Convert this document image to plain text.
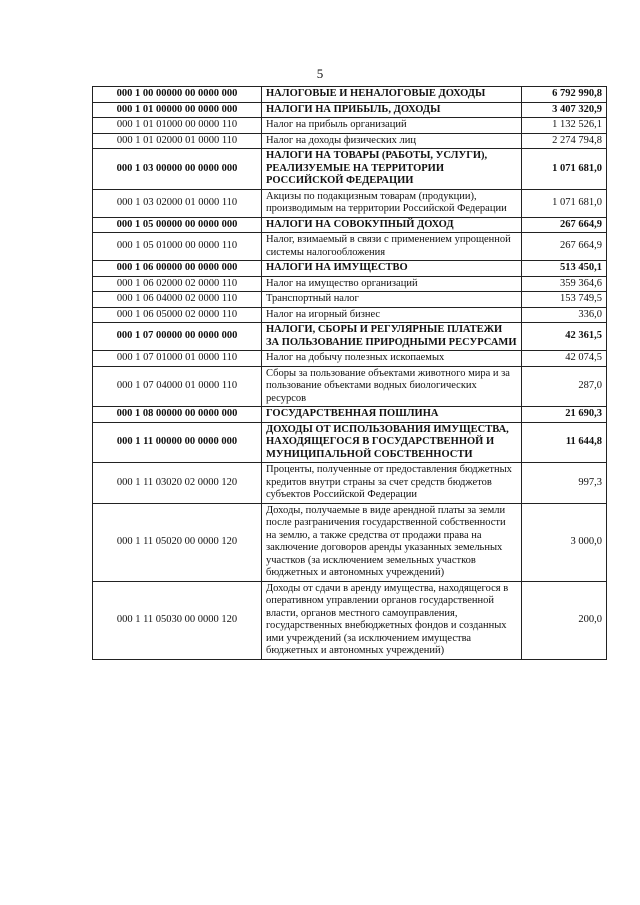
5
000 1 00 00000 00 0000 000	НАЛОГОВЫЕ И НЕНАЛОГОВЫЕ ДОХОДЫ	6 792 990,8
000 1 01 00000 00 0000 000	НАЛОГИ НА ПРИБЫЛЬ, ДОХОДЫ	3 407 320,9
000 1 01 01000 00 0000 110	Налог на прибыль организаций	1 132 526,1
000 1 01 02000 01 0000 110	Налог на доходы физических лиц	2 274 794,8
000 1 03 00000 00 0000 000	НАЛОГИ НА ТОВАРЫ (РАБОТЫ, УСЛУГИ), РЕАЛИЗУЕМЫЕ НА ТЕРРИТОРИИ РОССИЙСКОЙ ФЕДЕРАЦИИ	1 071 681,0
000 1 03 02000 01 0000 110	Акцизы по подакцизным товарам (продукции), производимым на территории Российской Федерации	1 071 681,0
000 1 05 00000 00 0000 000	НАЛОГИ НА СОВОКУПНЫЙ ДОХОД	267 664,9
000 1 05 01000 00 0000 110	Налог, взимаемый в связи с применением упрощенной системы налогообложения	267 664,9
000 1 06 00000 00 0000 000	НАЛОГИ НА ИМУЩЕСТВО	513 450,1
000 1 06 02000 02 0000 110	Налог на имущество организаций	359 364,6
000 1 06 04000 02 0000 110	Транспортный налог	153 749,5
000 1 06 05000 02 0000 110	Налог на игорный бизнес	336,0
000 1 07 00000 00 0000 000	НАЛОГИ, СБОРЫ И РЕГУЛЯРНЫЕ ПЛАТЕЖИ ЗА ПОЛЬЗОВАНИЕ ПРИРОДНЫМИ РЕСУРСАМИ	42 361,5
000 1 07 01000 01 0000 110	Налог на добычу полезных ископаемых	42 074,5
000 1 07 04000 01 0000 110	Сборы за пользование объектами животного мира и за пользование объектами водных биологических ресурсов	287,0
000 1 08 00000 00 0000 000	ГОСУДАРСТВЕННАЯ ПОШЛИНА	21 690,3
000 1 11 00000 00 0000 000	ДОХОДЫ ОТ ИСПОЛЬЗОВАНИЯ ИМУЩЕСТВА, НАХОДЯЩЕГОСЯ В ГОСУДАРСТВЕННОЙ И МУНИЦИПАЛЬНОЙ СОБСТВЕННОСТИ	11 644,8
000 1 11 03020 02 0000 120	Проценты, полученные от предоставления бюджетных кредитов внутри страны за счет средств бюджетов субъектов Российской Федерации	997,3
000 1 11 05020 00 0000 120	Доходы, получаемые в виде арендной платы за земли после разграничения государственной собственности на землю, а также средства от продажи права на заключение договоров аренды указанных земельных участков (за исключением земельных участков бюджетных и автономных учреждений)	3 000,0
000 1 11 05030 00 0000 120	Доходы от сдачи в аренду имущества, находящегося в оперативном управлении органов государственной власти, органов местного самоуправления, государственных внебюджетных фондов и созданных ими учреждений (за исключением имущества бюджетных и автономных учреждений)	200,0
